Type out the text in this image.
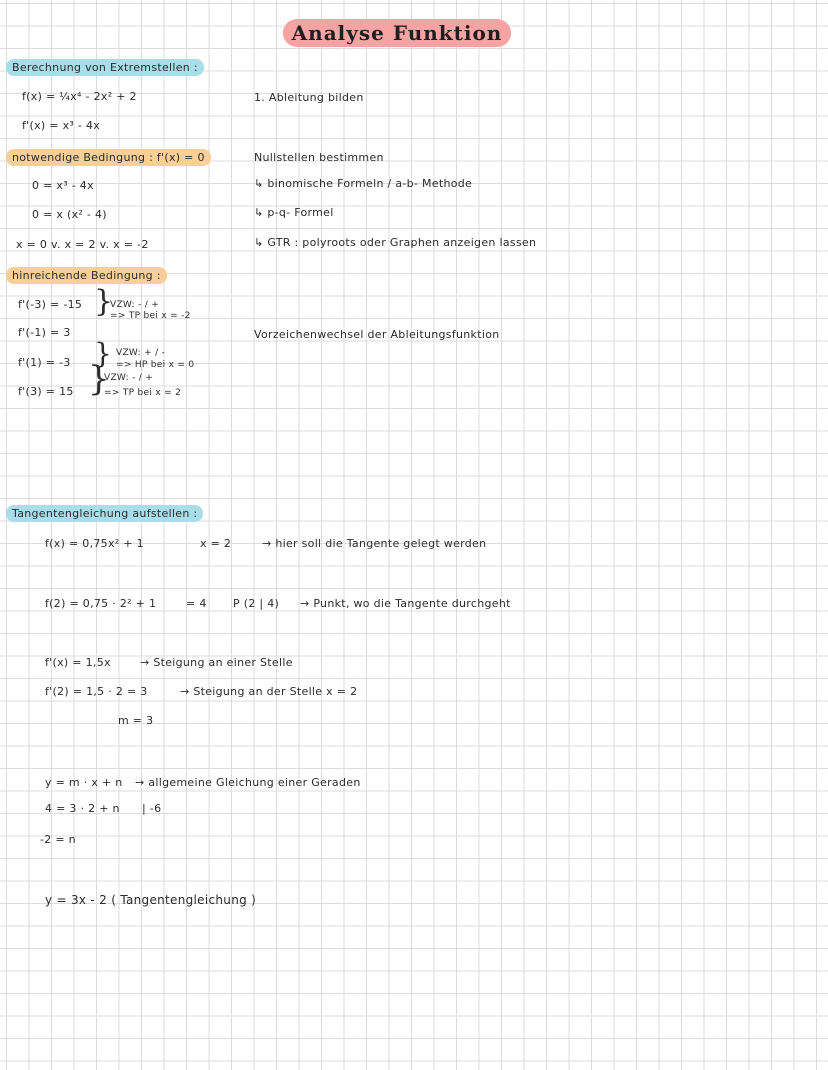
Analyse Funktion
Berechnung von Extremstellen :
f(x) = ¼x⁴ - 2x² + 2
f'(x) = x³ - 4x
1. Ableitung bilden
notwendige Bedingung : f'(x) = 0
0 = x³ - 4x
0 = x (x² - 4)
x = 0 v. x = 2 v. x = -2
Nullstellen bestimmen
↳ binomische Formeln / a-b- Methode
↳ p-q- Formel
↳ GTR : polyroots oder Graphen anzeigen lassen
hinreichende Bedingung :
f'(-3) = -15
f'(-1) = 3
f'(1) = -3
f'(3) = 15
}
}
}
VZW: - / +
=> TP bei x = -2
VZW: + / -
=> HP bei x = 0
VZW: - / +
=> TP bei x = 2
Vorzeichenwechsel der Ableitungsfunktion
Tangentengleichung aufstellen :
f(x) = 0,75x² + 1	x = 2	→ hier soll die Tangente gelegt werden
f(2) = 0,75 · 2² + 1	= 4 P (2 | 4) → Punkt, wo die Tangente durchgeht
f'(x) = 1,5x	→ Steigung an einer Stelle
f'(2) = 1,5 · 2 = 3	→ Steigung an der Stelle x = 2
m = 3
y = m · x + n → allgemeine Gleichung einer Geraden
4 = 3 · 2 + n | -6
-2 = n
y = 3x - 2 ( Tangentengleichung )
